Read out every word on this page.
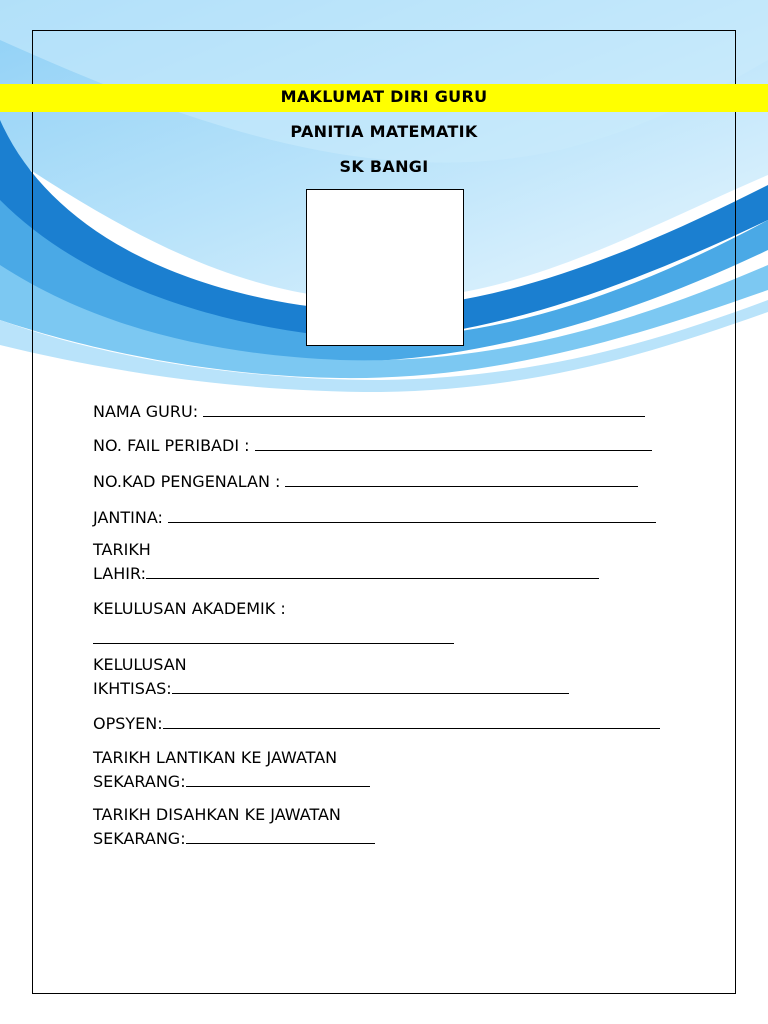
MAKLUMAT DIRI GURU
PANITIA MATEMATIK
SK BANGI
NAMA GURU:
NO. FAIL PERIBADI :
NO.KAD PENGENALAN :
JANTINA:
TARIKH
LAHIR:
KELULUSAN AKADEMIK :
KELULUSAN
IKHTISAS:
OPSYEN:
TARIKH LANTIKAN KE JAWATAN
SEKARANG:
TARIKH DISAHKAN KE JAWATAN
SEKARANG:
